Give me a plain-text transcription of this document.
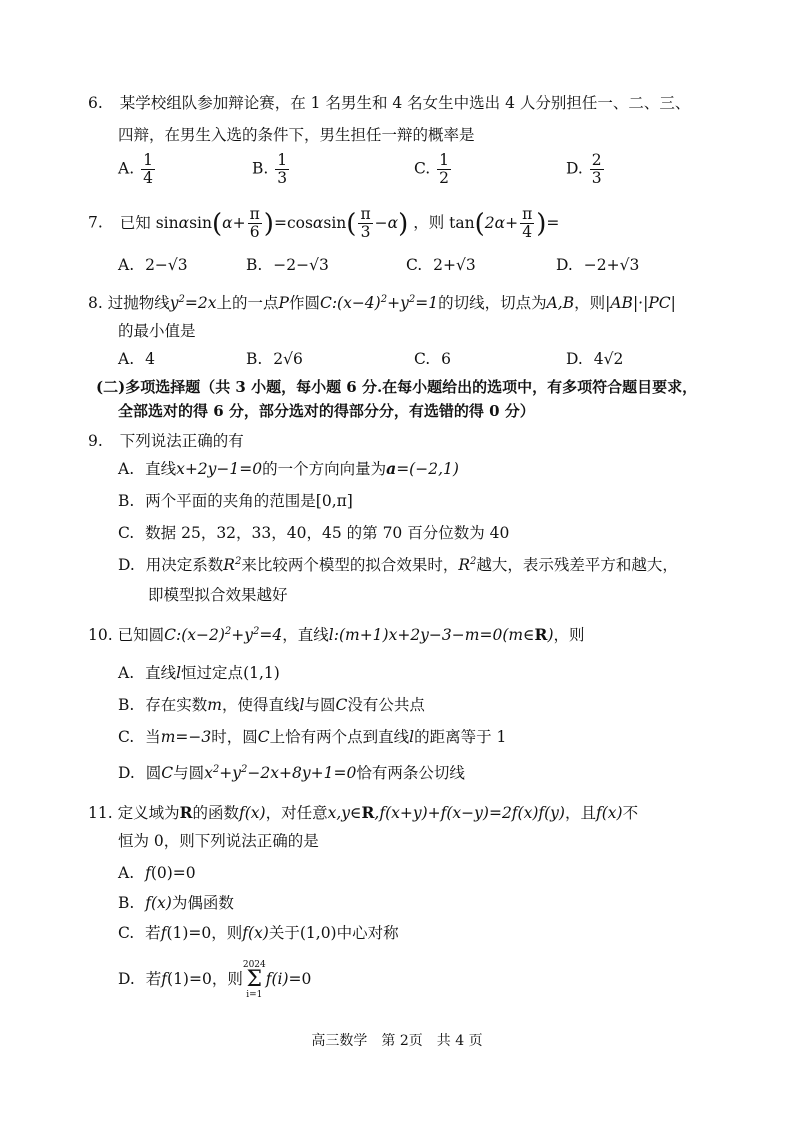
6. 某学校组队参加辩论赛，在 1 名男生和 4 名女生中选出 4 人分别担任一、二、三、
四辩，在男生入选的条件下，男生担任一辩的概率是
A. $\frac{1}{4}$	B. $\frac{1}{3}$	C. $\frac{1}{2}$	D. $\frac{2}{3}$
7. 已知 $\sin\alpha\sin(\alpha+ \frac{\pi}{6} )=\cos\alpha\sin( \frac{\pi}{3} -\alpha)$ ，则 $\tan(2\alpha+ \frac{\pi}{4}$ )=
A. 2−√3	B. −2−√3	C. 2+√3	D. −2+√3
8. 过抛物线$y^2=2x$上的一点P作圆$C:(x-4)^2+y^2=1$的切线，切点为A,B，则|AB|·|PC|
的最小值是
A. 4	B. 2√6	C. 6	D. 4√2
(二)多项选择题（共 3 小题，每小题 6 分.在每小题给出的选项中，有多项符合题目要求，
全部选对的得 6 分，部分选对的得部分分，有选错的得 0 分）
9. 下列说法正确的有
A. 直线x+2y−1=0的一个方向向量为a=(−2,1)
B. 两个平面的夹角的范围是[0,π]
C. 数据 25，32，33，40，45 的第 70 百分位数为 40
D. 用决定系数$R^2$来比较两个模型的拟合效果时，$R^2$越大，表示残差平方和越大，
即模型拟合效果越好
10. 已知圆$C:(x-2)^2+y^2=4$，直线l:(m+1)x+2y−3−m=0(m∈R)，则
A. 直线l恒过定点(1,1)
B. 存在实数m，使得直线l与圆C没有公共点
C. 当m=−3时，圆C上恰有两个点到直线l的距离等于 1
D. 圆C与圆$x^2+y^2-2x+8y+1=0$恰有两条公切线
11. 定义域为R的函数f(x)，对任意x,y∈R,f(x+y)+f(x−y)=2f(x)f(y)，且f(x)不
恒为 0，则下列说法正确的是
A. f(0)=0
B. f(x)为偶函数
C. 若f(1)=0，则f(x)关于(1,0)中心对称
D. 若f(1)=0，则
2024
Σ
i=1
f(i)=0
高三数学　第 2页　共 4 页
